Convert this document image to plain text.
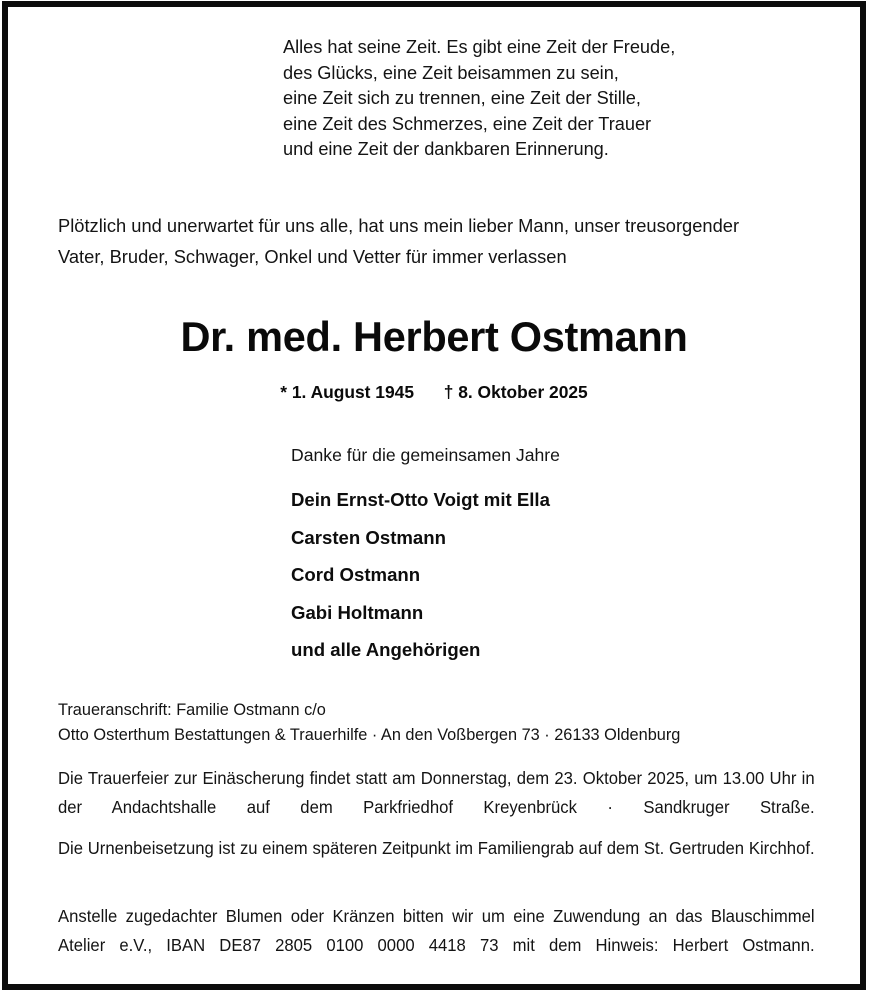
Alles hat seine Zeit. Es gibt eine Zeit der Freude,
des Glücks, eine Zeit beisammen zu sein,
eine Zeit sich zu trennen, eine Zeit der Stille,
eine Zeit des Schmerzes, eine Zeit der Trauer
und eine Zeit der dankbaren Erinnerung.
Plötzlich und unerwartet für uns alle, hat uns mein lieber Mann, unser treusorgender
Vater, Bruder, Schwager, Onkel und Vetter für immer verlassen
Dr. med. Herbert Ostmann
* 1. August 1945 † 8. Oktober 2025
Danke für die gemeinsamen Jahre
Dein Ernst-Otto Voigt mit Ella
Carsten Ostmann
Cord Ostmann
Gabi Holtmann
und alle Angehörigen
Traueranschrift: Familie Ostmann c/o
Otto Osterthum Bestattungen & Trauerhilfe · An den Voßbergen 73 · 26133 Oldenburg
Die Trauerfeier zur Einäscherung findet statt am Donnerstag, dem 23. Oktober 2025, um 13.00 Uhr in der Andachtshalle auf dem Parkfriedhof Kreyenbrück · Sandkruger Straße.
Die Urnenbeisetzung ist zu einem späteren Zeitpunkt im Familiengrab auf dem St. Gertruden Kirchhof.
Anstelle zugedachter Blumen oder Kränzen bitten wir um eine Zuwendung an das Blauschimmel Atelier e.V., IBAN DE87 2805 0100 0000 4418 73 mit dem Hinweis: Herbert Ostmann.
